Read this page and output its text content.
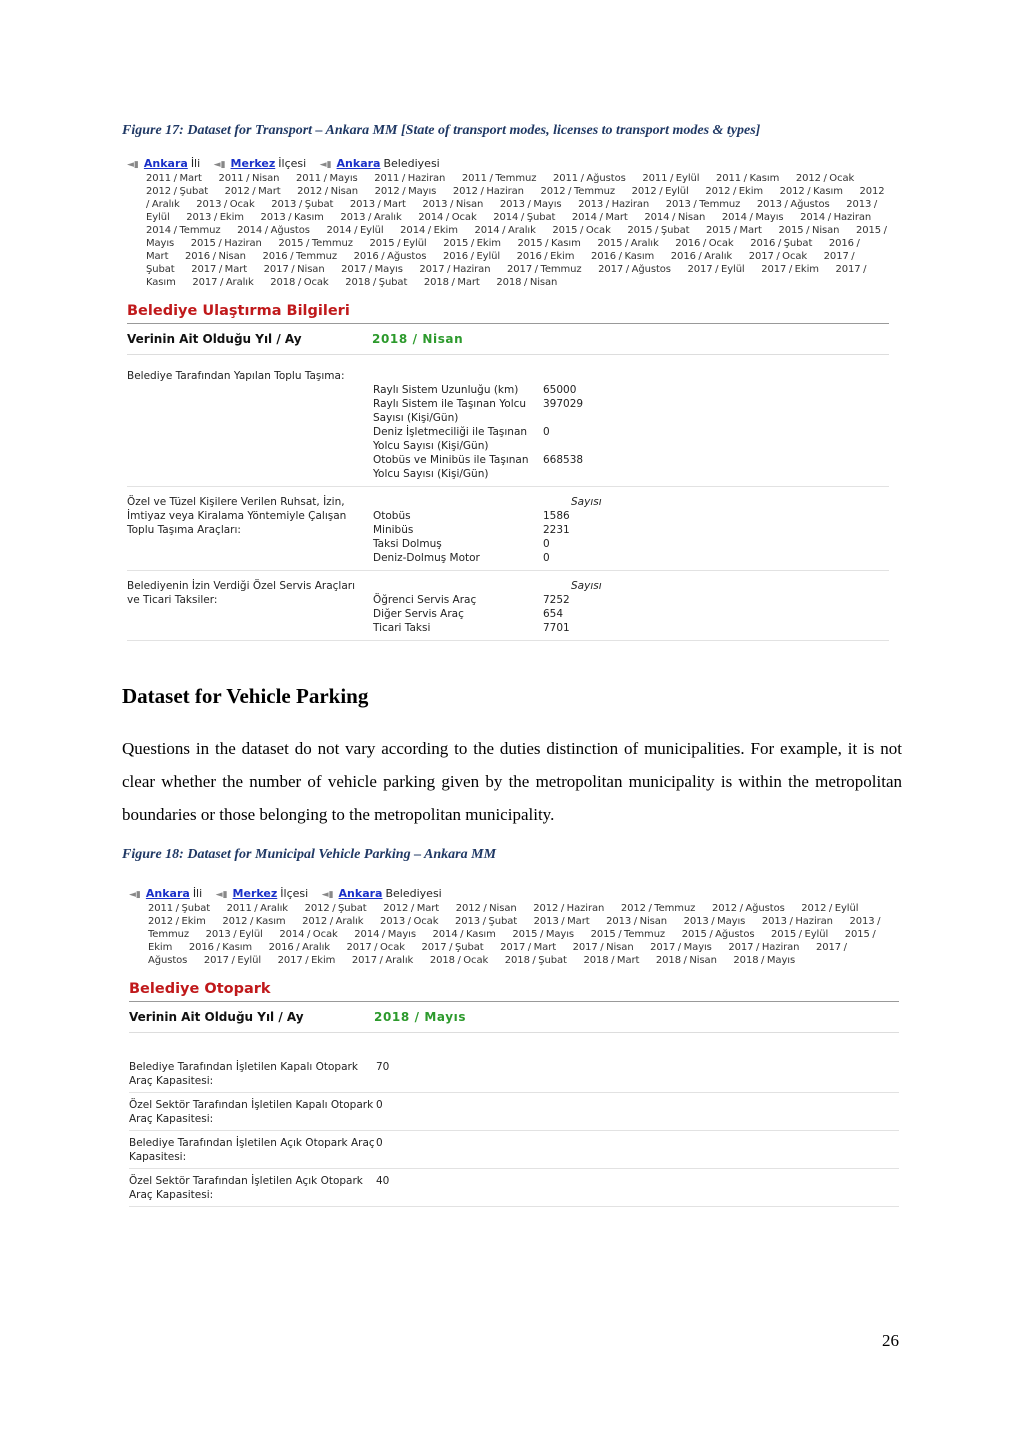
Figure 17: Dataset for Transport – Ankara MM [State of transport modes, licenses to transport modes & types]
◄▮ Ankara İli ◄▮ Merkez İlçesi ◄▮ Ankara Belediyesi
2011 / Mart 2011 / Nisan 2011 / Mayıs 2011 / Haziran 2011 / Temmuz 2011 / Ağustos 2011 / Eylül 2011 / Kasım 2012 / Ocak 2012 / Şubat 2012 / Mart 2012 / Nisan 2012 / Mayıs 2012 / Haziran 2012 / Temmuz 2012 / Eylül 2012 / Ekim 2012 / Kasım 2012 / Aralık 2013 / Ocak 2013 / Şubat 2013 / Mart 2013 / Nisan 2013 / Mayıs 2013 / Haziran 2013 / Temmuz 2013 / Ağustos 2013 / Eylül 2013 / Ekim 2013 / Kasım 2013 / Aralık 2014 / Ocak 2014 / Şubat 2014 / Mart 2014 / Nisan 2014 / Mayıs 2014 / Haziran 2014 / Temmuz 2014 / Ağustos 2014 / Eylül 2014 / Ekim 2014 / Aralık 2015 / Ocak 2015 / Şubat 2015 / Mart 2015 / Nisan 2015 / Mayıs 2015 / Haziran 2015 / Temmuz 2015 / Eylül 2015 / Ekim 2015 / Kasım 2015 / Aralık 2016 / Ocak 2016 / Şubat 2016 / Mart 2016 / Nisan 2016 / Temmuz 2016 / Ağustos 2016 / Eylül 2016 / Ekim 2016 / Kasım 2016 / Aralık 2017 / Ocak 2017 / Şubat 2017 / Mart 2017 / Nisan 2017 / Mayıs 2017 / Haziran 2017 / Temmuz 2017 / Ağustos 2017 / Eylül 2017 / Ekim 2017 / Kasım 2017 / Aralık 2018 / Ocak 2018 / Şubat 2018 / Mart 2018 / Nisan
Belediye Ulaştırma Bilgileri
Verinin Ait Olduğu Yıl / Ay	2018 / Nisan
Belediye Tarafından Yapılan Toplu Taşıma:
Raylı Sistem Uzunluğu (km)	65000
Raylı Sistem ile Taşınan Yolcu Sayısı (Kişi/Gün)
397029
Deniz İşletmeciliği ile Taşınan Yolcu Sayısı (Kişi/Gün)
0
Otobüs ve Minibüs ile Taşınan Yolcu Sayısı (Kişi/Gün)
668538
Özel ve Tüzel Kişilere Verilen Ruhsat, İzin, İmtiyaz veya Kiralama Yöntemiyle Çalışan Toplu Taşıma Araçları:
Sayısı
Otobüs	1586
Minibüs	2231
Taksi Dolmuş	0
Deniz-Dolmuş Motor	0
Belediyenin İzin Verdiği Özel Servis Araçları ve Ticari Taksiler:
Sayısı
Öğrenci Servis Araç	7252
Diğer Servis Araç	654
Ticari Taksi	7701
Dataset for Vehicle Parking
Questions in the dataset do not vary according to the duties distinction of municipalities. For example, it is not clear whether the number of vehicle parking given by the metropolitan municipality is within the metropolitan boundaries or those belonging to the metropolitan municipality.
Figure 18: Dataset for Municipal Vehicle Parking – Ankara MM
◄▮ Ankara İli ◄▮ Merkez İlçesi ◄▮ Ankara Belediyesi
2011 / Şubat 2011 / Aralık 2012 / Şubat 2012 / Mart 2012 / Nisan 2012 / Haziran 2012 / Temmuz 2012 / Ağustos 2012 / Eylül 2012 / Ekim 2012 / Kasım 2012 / Aralık 2013 / Ocak 2013 / Şubat 2013 / Mart 2013 / Nisan 2013 / Mayıs 2013 / Haziran 2013 / Temmuz 2013 / Eylül 2014 / Ocak 2014 / Mayıs 2014 / Kasım 2015 / Mayıs 2015 / Temmuz 2015 / Ağustos 2015 / Eylül 2015 / Ekim 2016 / Kasım 2016 / Aralık 2017 / Ocak 2017 / Şubat 2017 / Mart 2017 / Nisan 2017 / Mayıs 2017 / Haziran 2017 / Ağustos 2017 / Eylül 2017 / Ekim 2017 / Aralık 2018 / Ocak 2018 / Şubat 2018 / Mart 2018 / Nisan 2018 / Mayıs
Belediye Otopark
Verinin Ait Olduğu Yıl / Ay	2018 / Mayıs
Belediye Tarafından İşletilen Kapalı Otopark Araç Kapasitesi:
70
Özel Sektör Tarafından İşletilen Kapalı Otopark Araç Kapasitesi:
0
Belediye Tarafından İşletilen Açık Otopark Araç Kapasitesi:
0
Özel Sektör Tarafından İşletilen Açık Otopark Araç Kapasitesi:
40
26
